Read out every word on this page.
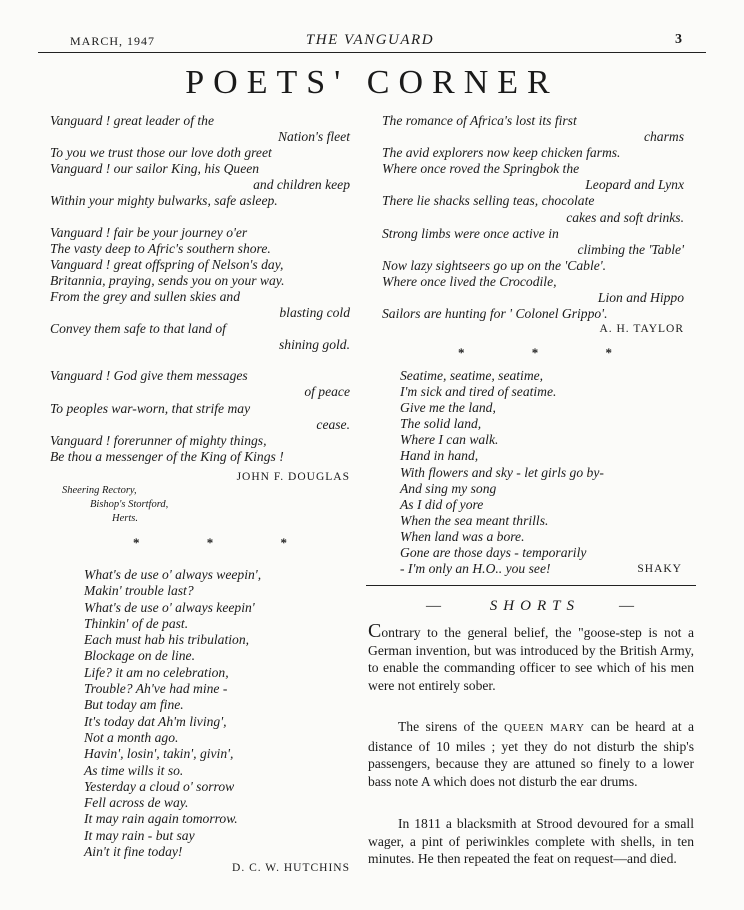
MARCH, 1947	THE VANGUARD	3
POETS' CORNER
Vanguard ! great leader of the
Nation's fleet
To you we trust those our love doth greet
Vanguard ! our sailor King, his Queen
and children keep
Within your mighty bulwarks, safe asleep.
Vanguard ! fair be your journey o'er
The vasty deep to Afric's southern shore.
Vanguard ! great offspring of Nelson's day,
Britannia, praying, sends you on your way.
From the grey and sullen skies and
blasting cold
Convey them safe to that land of
shining gold.
Vanguard ! God give them messages
of peace
To peoples war-worn, that strife may
cease.
Vanguard ! forerunner of mighty things,
Be thou a messenger of the King of Kings !
JOHN F. DOUGLAS
Sheering Rectory,
Bishop's Stortford,
Herts.
* * *
What's de use o' always weepin',
Makin' trouble last?
What's de use o' always keepin'
Thinkin' of de past.
Each must hab his tribulation,
Blockage on de line.
Life? it am no celebration,
Trouble? Ah've had mine -
But today am fine.
It's today dat Ah'm living',
Not a month ago.
Havin', losin', takin', givin',
As time wills it so.
Yesterday a cloud o' sorrow
Fell across de way.
It may rain again tomorrow.
It may rain - but say
Ain't it fine today!
D. C. W. HUTCHINS
The romance of Africa's lost its first
charms
The avid explorers now keep chicken farms.
Where once roved the Springbok the
Leopard and Lynx
There lie shacks selling teas, chocolate
cakes and soft drinks.
Strong limbs were once active in
climbing the 'Table'
Now lazy sightseers go up on the 'Cable'.
Where once lived the Crocodile,
Lion and Hippo
Sailors are hunting for ' Colonel Grippo'.
A. H. TAYLOR
* * *
Seatime, seatime, seatime,
I'm sick and tired of seatime.
Give me the land,
The solid land,
Where I can walk.
Hand in hand,
With flowers and sky - let girls go by-
And sing my song
As I did of yore
When the sea meant thrills.
When land was a bore.
Gone are those days - temporarily
- I'm only an H.O.. you see!	SHAKY
—	SHORTS	—
Contrary to the general belief, the "goose-step is not a German invention, but was introduced by the British Army, to enable the commanding officer to see which of his men were not entirely sober.
The sirens of the QUEEN MARY can be heard at a distance of 10 miles ; yet they do not disturb the ship's passengers, because they are attuned so finely to a lower bass note A which does not disturb the ear drums.
In 1811 a blacksmith at Strood devoured for a small wager, a pint of periwinkles complete with shells, in ten minutes. He then repeated the feat on request—and died.
